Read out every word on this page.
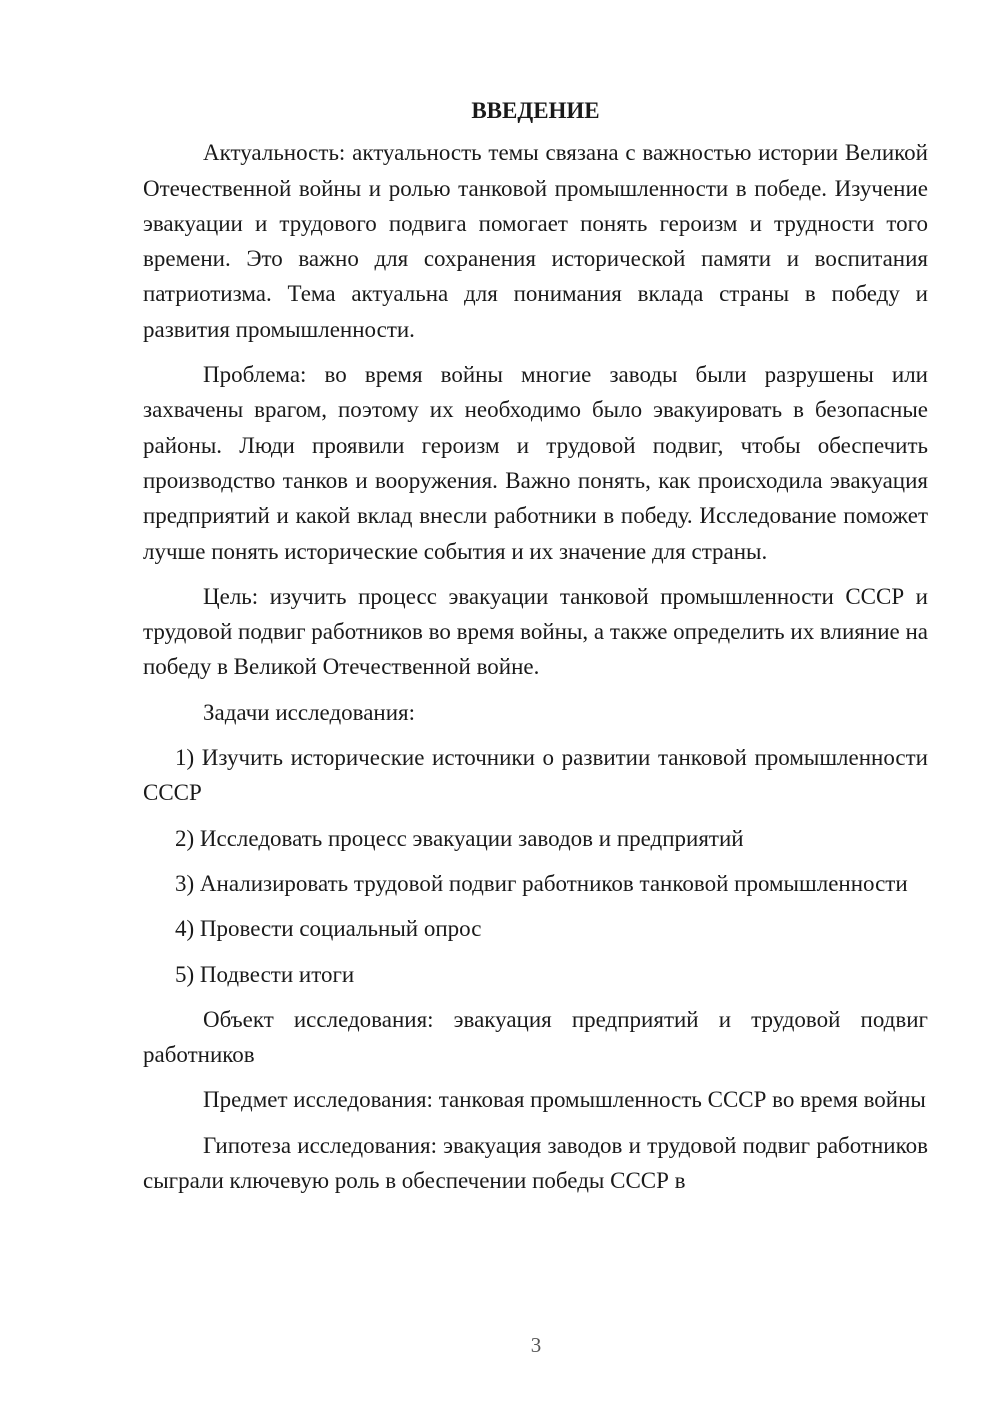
ВВЕДЕНИЕ

Актуальность: актуальность темы связана с важностью истории Великой Отечественной войны и ролью танковой промышленности в победе. Изучение эвакуации и трудового подвига помогает понять героизм и трудности того времени. Это важно для сохранения исторической памяти и воспитания патриотизма. Тема актуальна для понимания вклада страны в победу и развития промышленности.

Проблема: во время войны многие заводы были разрушены или захвачены врагом, поэтому их необходимо было эвакуировать в безопасные районы. Люди проявили героизм и трудовой подвиг, чтобы обеспечить производство танков и вооружения. Важно понять, как происходила эвакуация предприятий и какой вклад внесли работники в победу. Исследование поможет лучше понять исторические события и их значение для страны.

Цель: изучить процесс эвакуации танковой промышленности СССР и трудовой подвиг работников во время войны, а также определить их влияние на победу в Великой Отечественной войне.

Задачи исследования:

1) Изучить исторические источники о развитии танковой промышленности СССР

2) Исследовать процесс эвакуации заводов и предприятий

3) Анализировать трудовой подвиг работников танковой промышленности

4) Провести социальный опрос

5) Подвести итоги

Объект исследования: эвакуация предприятий и трудовой подвиг работников

Предмет исследования: танковая промышленность СССР во время войны

Гипотеза исследования: эвакуация заводов и трудовой подвиг работников сыграли ключевую роль в обеспечении победы СССР в

3
